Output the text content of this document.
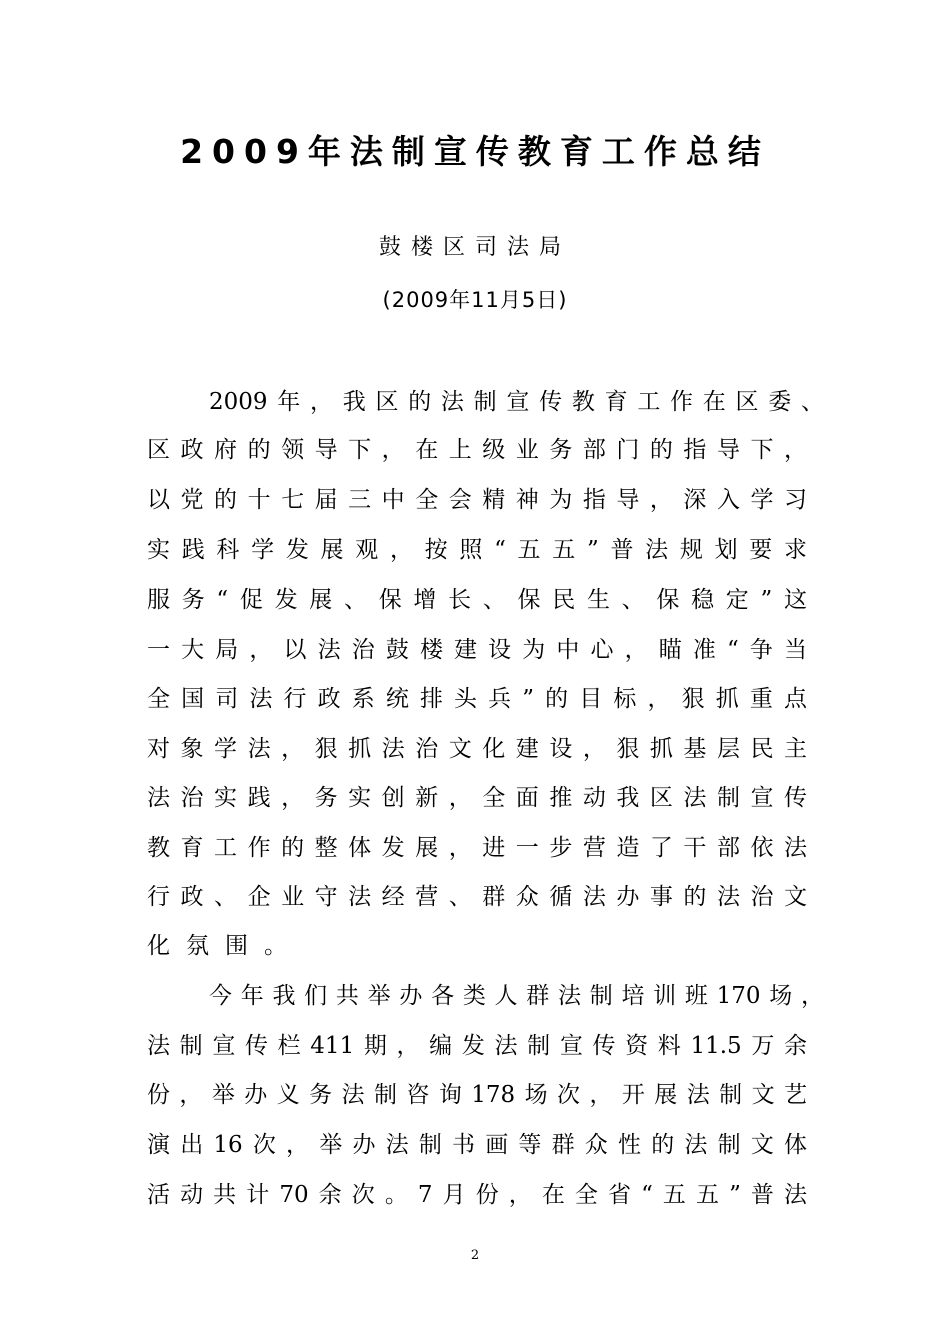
2009年法制宣传教育工作总结
鼓楼区司法局
(2009年11月5日)
2009年，我区的法制宣传教育工作在区委、
区政府的领导下，在上级业务部门的指导下，
以党的十七届三中全会精神为指导，深入学习
实践科学发展观，按照“五五”普法规划要求
服务“促发展、保增长、保民生、保稳定”这
一大局，以法治鼓楼建设为中心，瞄准“争当
全国司法行政系统排头兵”的目标，狠抓重点
对象学法，狠抓法治文化建设，狠抓基层民主
法治实践，务实创新，全面推动我区法制宣传
教育工作的整体发展，进一步营造了干部依法
行政、企业守法经营、群众循法办事的法治文
化氛围。
今年我们共举办各类人群法制培训班170场，
法制宣传栏411期，编发法制宣传资料11.5万余
份，举办义务法制咨询178场次，开展法制文艺
演出16次，举办法制书画等群众性的法制文体
活动共计70余次。7月份，在全省“五五”普法
2
